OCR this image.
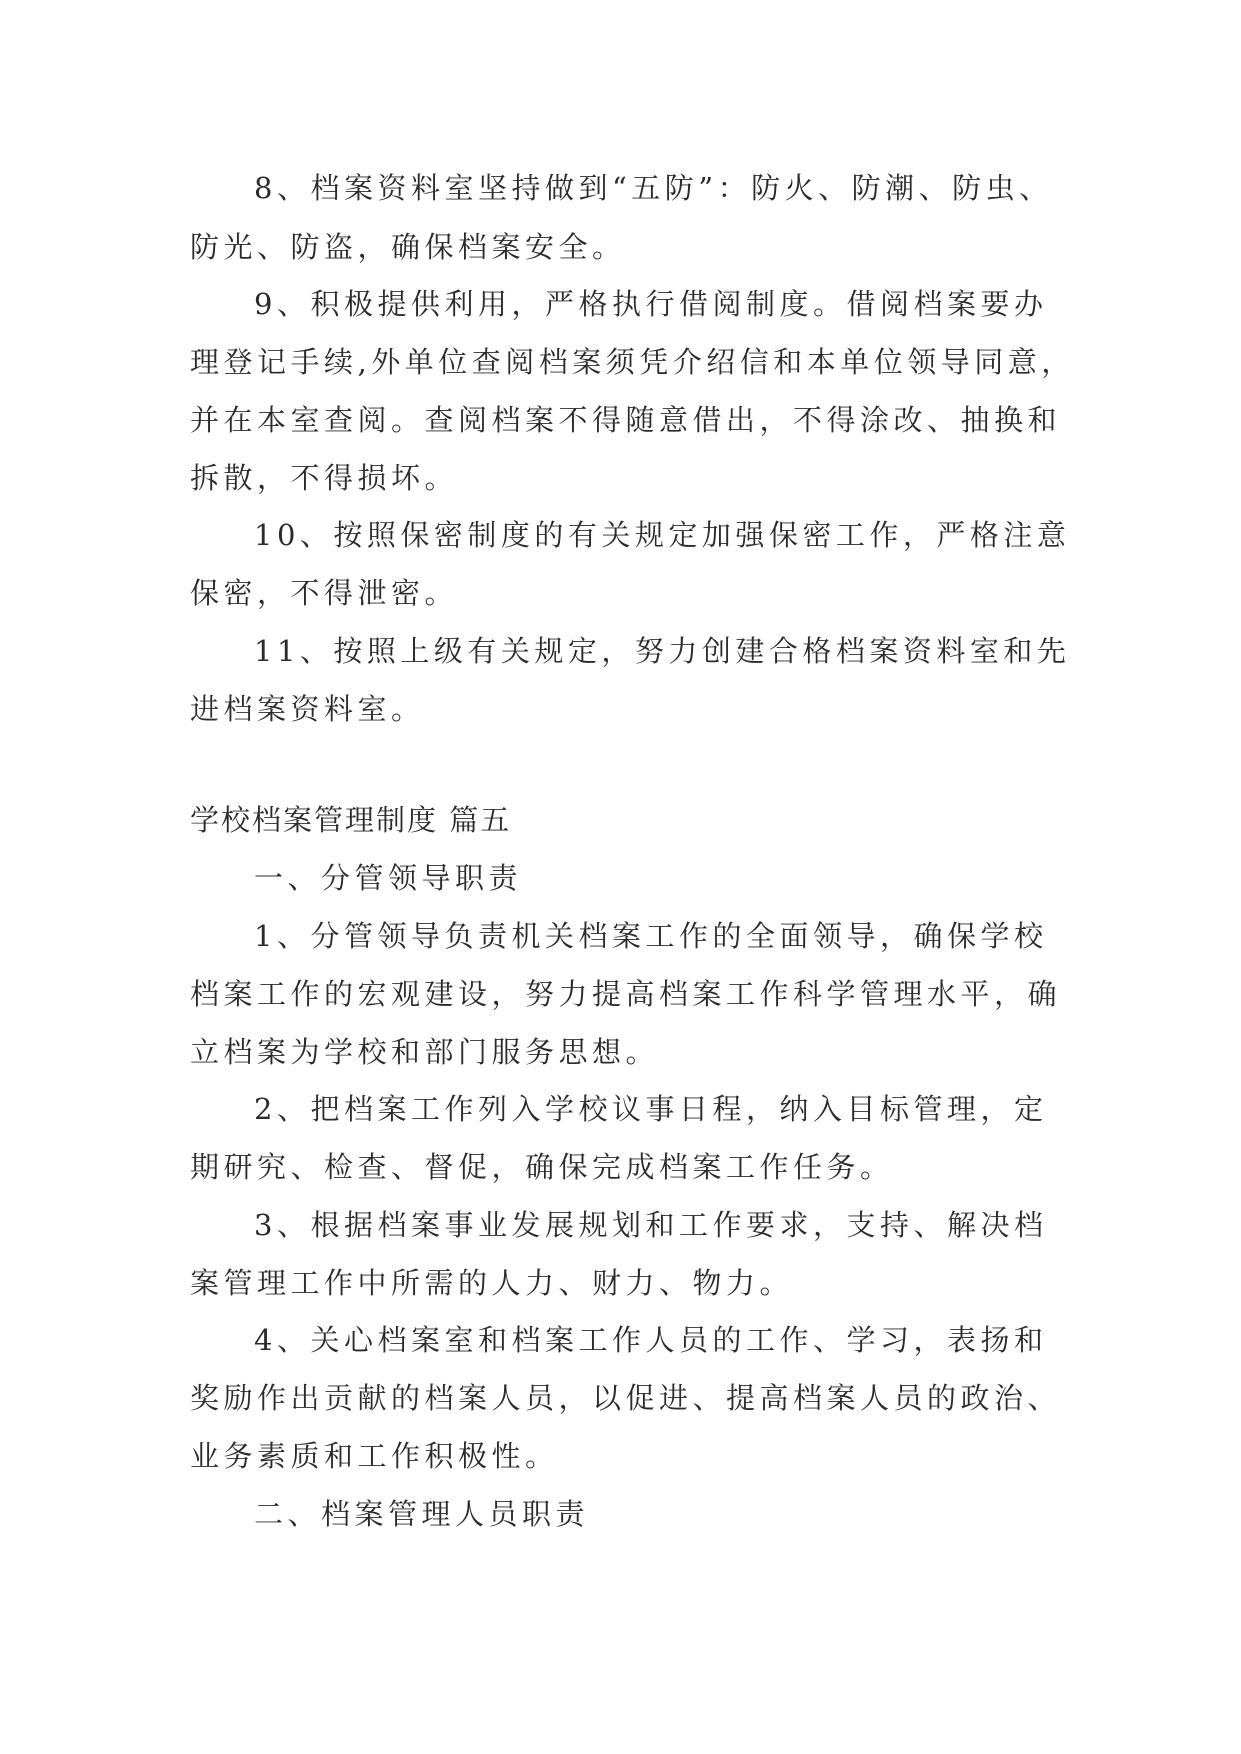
8、档案资料室坚持做到“五防”：防火、防潮、防虫、
防光、防盗，确保档案安全。
9、积极提供利用，严格执行借阅制度。借阅档案要办
理登记手续,外单位查阅档案须凭介绍信和本单位领导同意，
并在本室查阅。查阅档案不得随意借出，不得涂改、抽换和
拆散，不得损坏。
10、按照保密制度的有关规定加强保密工作，严格注意
保密，不得泄密。
11、按照上级有关规定，努力创建合格档案资料室和先
进档案资料室。
学校档案管理制度 篇五
一、分管领导职责
1、分管领导负责机关档案工作的全面领导，确保学校
档案工作的宏观建设，努力提高档案工作科学管理水平，确
立档案为学校和部门服务思想。
2、把档案工作列入学校议事日程，纳入目标管理，定
期研究、检查、督促，确保完成档案工作任务。
3、根据档案事业发展规划和工作要求，支持、解决档
案管理工作中所需的人力、财力、物力。
4、关心档案室和档案工作人员的工作、学习，表扬和
奖励作出贡献的档案人员，以促进、提高档案人员的政治、
业务素质和工作积极性。
二、档案管理人员职责
